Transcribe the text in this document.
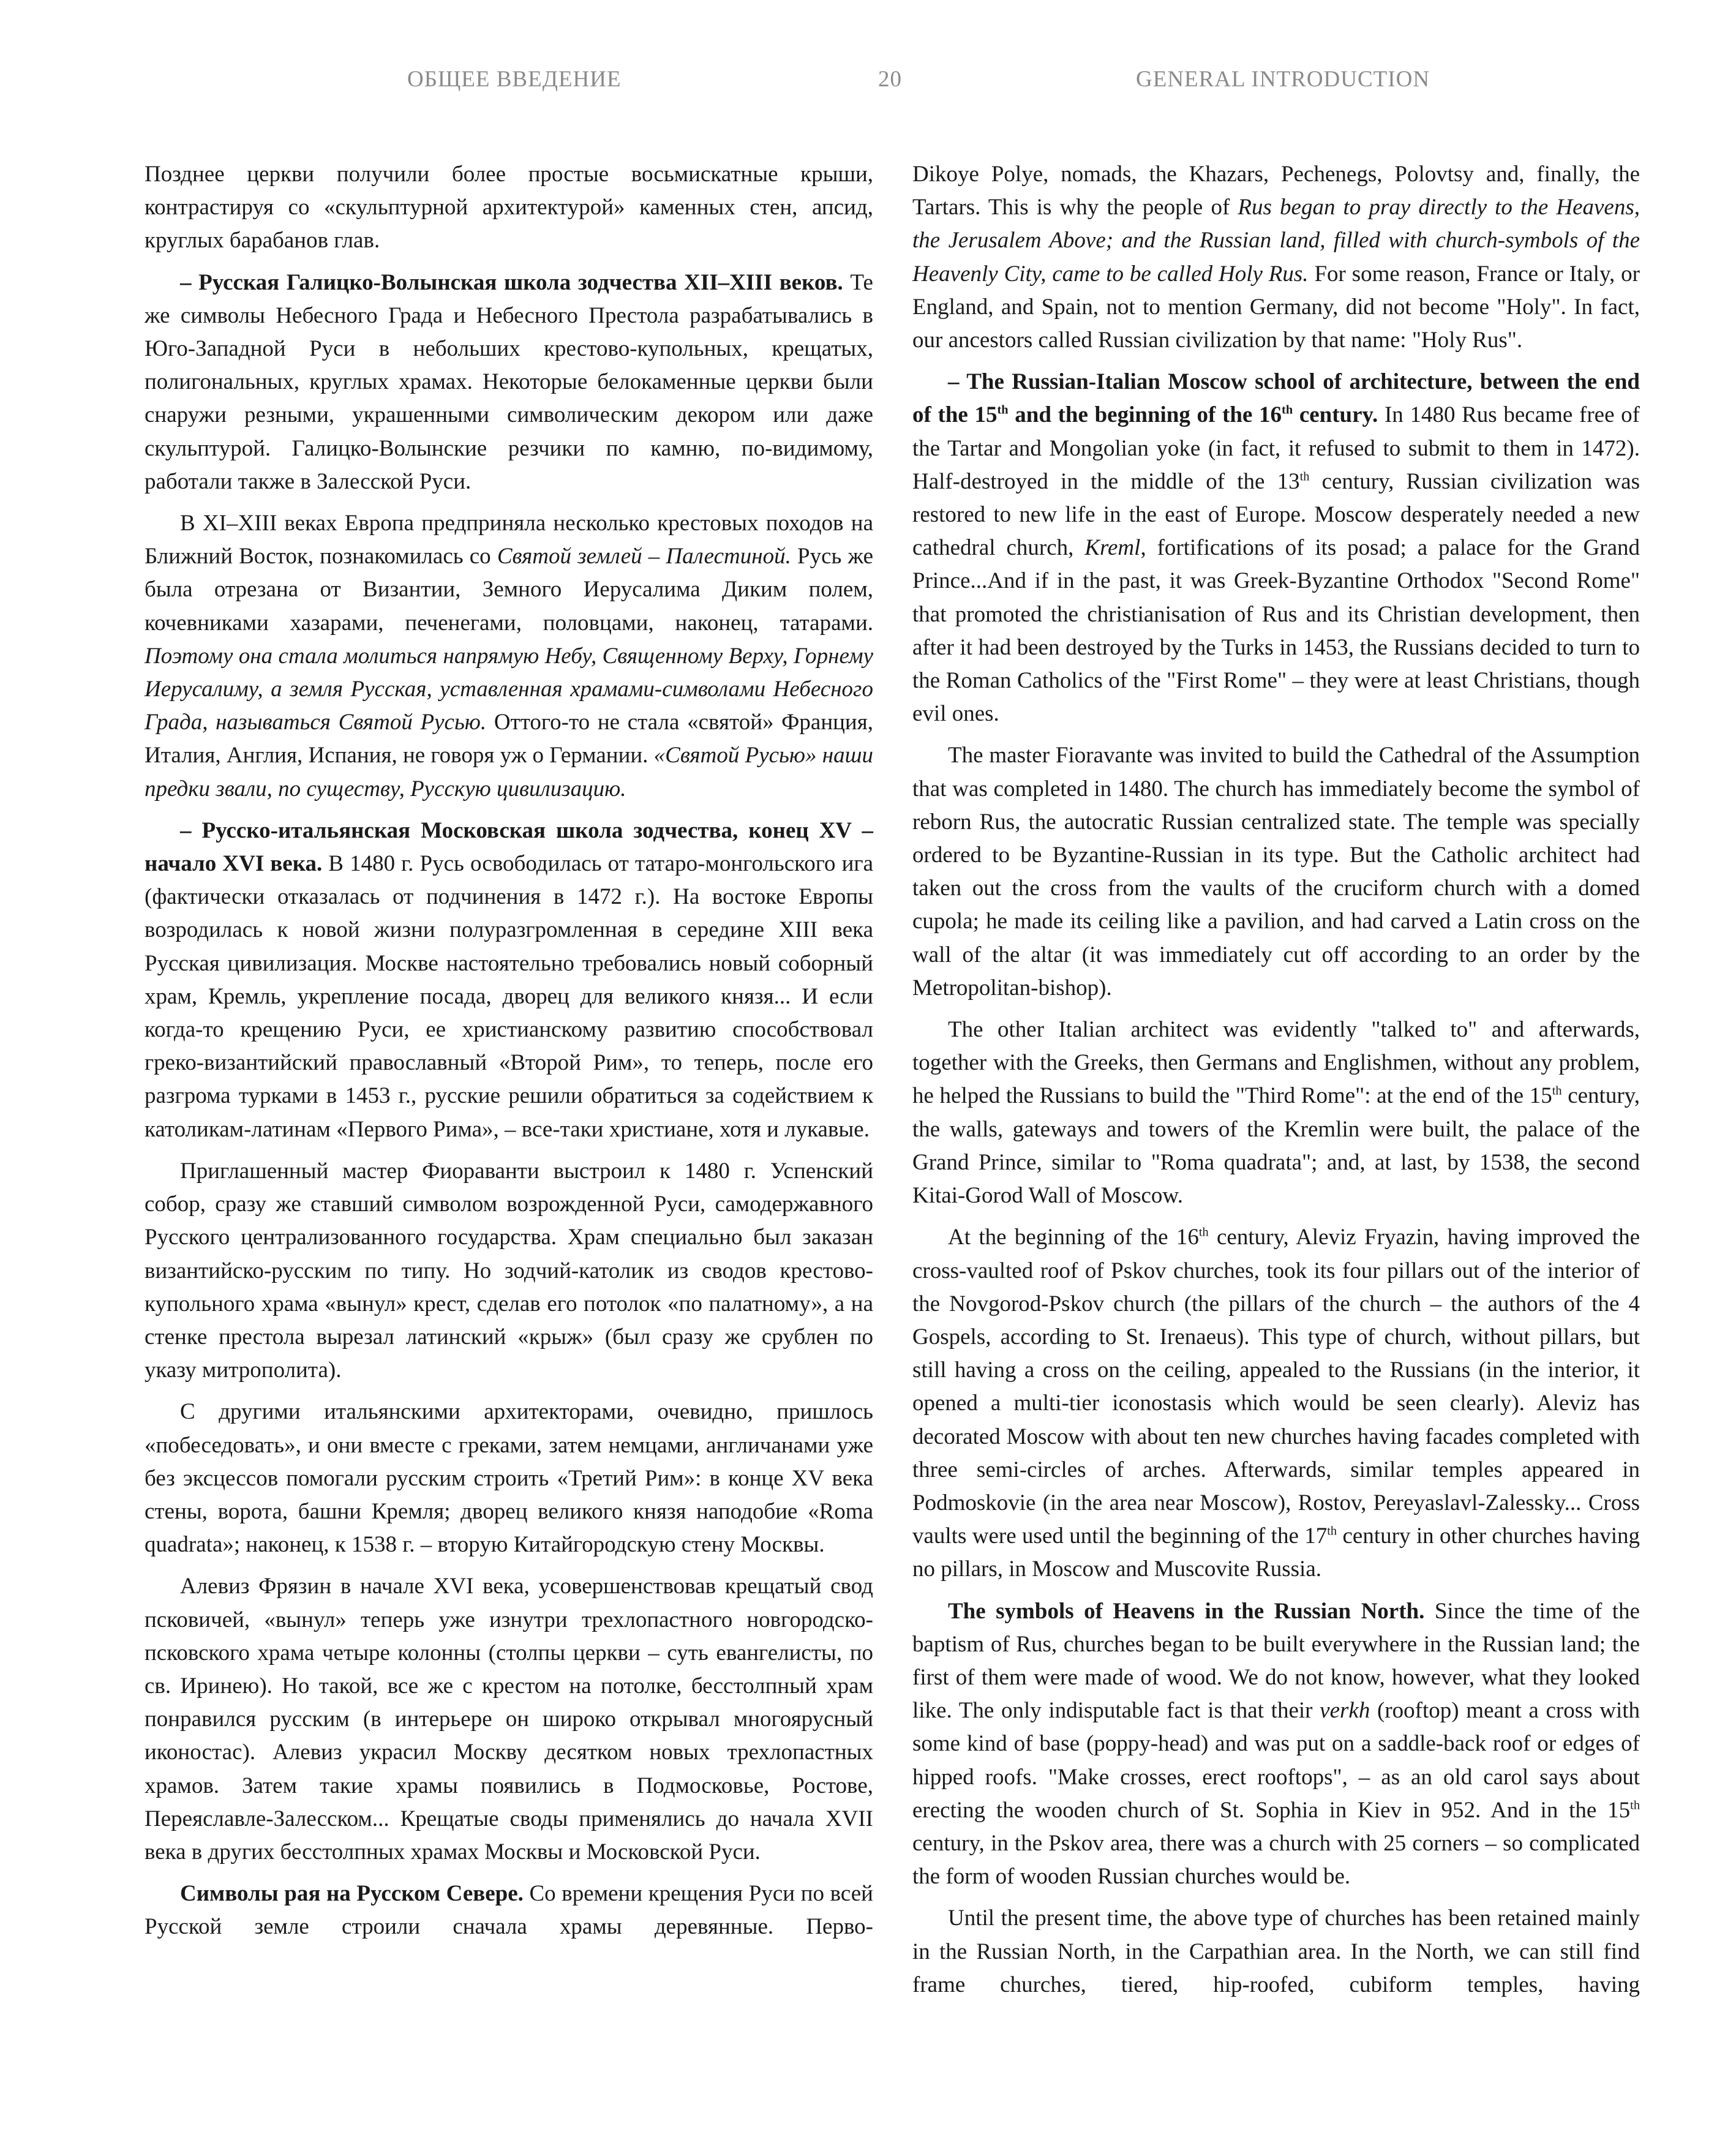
ОБЩЕЕ ВВЕДЕНИЕ	20	GENERAL INTRODUCTION

Позднее церкви получили более простые восьмискатные крыши, контрастируя со «скульптурной архитектурой» каменных стен, апсид, круглых барабанов глав.

– Русская Галицко-Волынская школа зодчества XII–XIII веков. Те же символы Небесного Града и Небесного Престола разрабатывались в Юго-Западной Руси в небольших крестово-купольных, крещатых, полигональных, круглых храмах. Некоторые белокаменные церкви были снаружи резными, украшенными символическим декором или даже скульптурой. Галицко-Волынские резчики по камню, по-видимому, работали также в Залесской Руси.

В XI–XIII веках Европа предприняла несколько крестовых походов на Ближний Восток, познакомилась со Святой землей – Палестиной. Русь же была отрезана от Византии, Земного Иерусалима Диким полем, кочевниками хазарами, печенегами, половцами, наконец, татарами. Поэтому она стала молиться напрямую Небу, Священному Верху, Горнему Иерусалиму, а земля Русская, уставленная храмами-символами Небесного Града, называться Святой Русью. Оттого-то не стала «святой» Франция, Италия, Англия, Испания, не говоря уж о Германии. «Святой Русью» наши предки звали, по существу, Русскую цивилизацию.

– Русско-итальянская Московская школа зодчества, конец XV – начало XVI века. В 1480 г. Русь освободилась от татаро-монгольского ига (фактически отказалась от подчинения в 1472 г.). На востоке Европы возродилась к новой жизни полуразгромленная в середине XIII века Русская цивилизация. Москве настоятельно требовались новый соборный храм, Кремль, укрепление посада, дворец для великого князя... И если когда-то крещению Руси, ее христианскому развитию способствовал греко-византийский православный «Второй Рим», то теперь, после его разгрома турками в 1453 г., русские решили обратиться за содействием к католикам-латинам «Первого Рима», – все-таки христиане, хотя и лукавые.

Приглашенный мастер Фиораванти выстроил к 1480 г. Успенский собор, сразу же ставший символом возрожденной Руси, самодержавного Русского централизованного государства. Храм специально был заказан византийско-русским по типу. Но зодчий-католик из сводов крестово-купольного храма «вынул» крест, сделав его потолок «по палатному», а на стенке престола вырезал латинский «крыж» (был сразу же срублен по указу митрополита).

С другими итальянскими архитекторами, очевидно, пришлось «побеседовать», и они вместе с греками, затем немцами, англичанами уже без эксцессов помогали русским строить «Третий Рим»: в конце XV века стены, ворота, башни Кремля; дворец великого князя наподобие «Roma quadrata»; наконец, к 1538 г. – вторую Китайгородскую стену Москвы.

Алевиз Фрязин в начале XVI века, усовершенствовав крещатый свод псковичей, «вынул» теперь уже изнутри трехлопастного новгородско-псковского храма четыре колонны (столпы церкви – суть евангелисты, по св. Иринею). Но такой, все же с крестом на потолке, бесстолпный храм понравился русским (в интерьере он широко открывал многоярусный иконостас). Алевиз украсил Москву десятком новых трехлопастных храмов. Затем такие храмы появились в Подмосковье, Ростове, Переяславле-Залесском... Крещатые своды применялись до начала XVII века в других бесстолпных храмах Москвы и Московской Руси.

Символы рая на Русском Севере. Со времени крещения Руси по всей Русской земле строили сначала храмы деревянные. Перво-

Dikoye Polye, nomads, the Khazars, Pechenegs, Polovtsy and, finally, the Tartars. This is why the people of Rus began to pray directly to the Heavens, the Jerusalem Above; and the Russian land, filled with church-symbols of the Heavenly City, came to be called Holy Rus. For some reason, France or Italy, or England, and Spain, not to mention Germany, did not become "Holy". In fact, our ancestors called Russian civilization by that name: "Holy Rus".

– The Russian-Italian Moscow school of architecture, between the end of the 15th and the beginning of the 16th century. In 1480 Rus became free of the Tartar and Mongolian yoke (in fact, it refused to submit to them in 1472). Half-destroyed in the middle of the 13th century, Russian civilization was restored to new life in the east of Europe. Moscow desperately needed a new cathedral church, Kreml, fortifications of its posad; a palace for the Grand Prince...And if in the past, it was Greek-Byzantine Orthodox "Second Rome" that promoted the christianisation of Rus and its Christian development, then after it had been destroyed by the Turks in 1453, the Russians decided to turn to the Roman Catholics of the "First Rome" – they were at least Christians, though evil ones.

The master Fioravante was invited to build the Cathedral of the Assumption that was completed in 1480. The church has immediately become the symbol of reborn Rus, the autocratic Russian centralized state. The temple was specially ordered to be Byzantine-Russian in its type. But the Catholic architect had taken out the cross from the vaults of the cruciform church with a domed cupola; he made its ceiling like a pavilion, and had carved a Latin cross on the wall of the altar (it was immediately cut off according to an order by the Metropolitan-bishop).

The other Italian architect was evidently "talked to" and afterwards, together with the Greeks, then Germans and Englishmen, without any problem, he helped the Russians to build the "Third Rome": at the end of the 15th century, the walls, gateways and towers of the Kremlin were built, the palace of the Grand Prince, similar to "Roma quadrata"; and, at last, by 1538, the second Kitai-Gorod Wall of Moscow.

At the beginning of the 16th century, Aleviz Fryazin, having improved the cross-vaulted roof of Pskov churches, took its four pillars out of the interior of the Novgorod-Pskov church (the pillars of the church – the authors of the 4 Gospels, according to St. Irenaeus). This type of church, without pillars, but still having a cross on the ceiling, appealed to the Russians (in the interior, it opened a multi-tier iconostasis which would be seen clearly). Aleviz has decorated Moscow with about ten new churches having facades completed with three semi-circles of arches. Afterwards, similar temples appeared in Podmoskovie (in the area near Moscow), Rostov, Pereyaslavl-Zalessky... Cross vaults were used until the beginning of the 17th century in other churches having no pillars, in Moscow and Muscovite Russia.

The symbols of Heavens in the Russian North. Since the time of the baptism of Rus, churches began to be built everywhere in the Russian land; the first of them were made of wood. We do not know, however, what they looked like. The only indisputable fact is that their verkh (rooftop) meant a cross with some kind of base (poppy-head) and was put on a saddle-back roof or edges of hipped roofs. "Make crosses, erect rooftops", – as an old carol says about erecting the wooden church of St. Sophia in Kiev in 952. And in the 15th century, in the Pskov area, there was a church with 25 corners – so complicated the form of wooden Russian churches would be.

Until the present time, the above type of churches has been retained mainly in the Russian North, in the Carpathian area. In the North, we can still find frame churches, tiered, hip-roofed, cubiform temples, having
